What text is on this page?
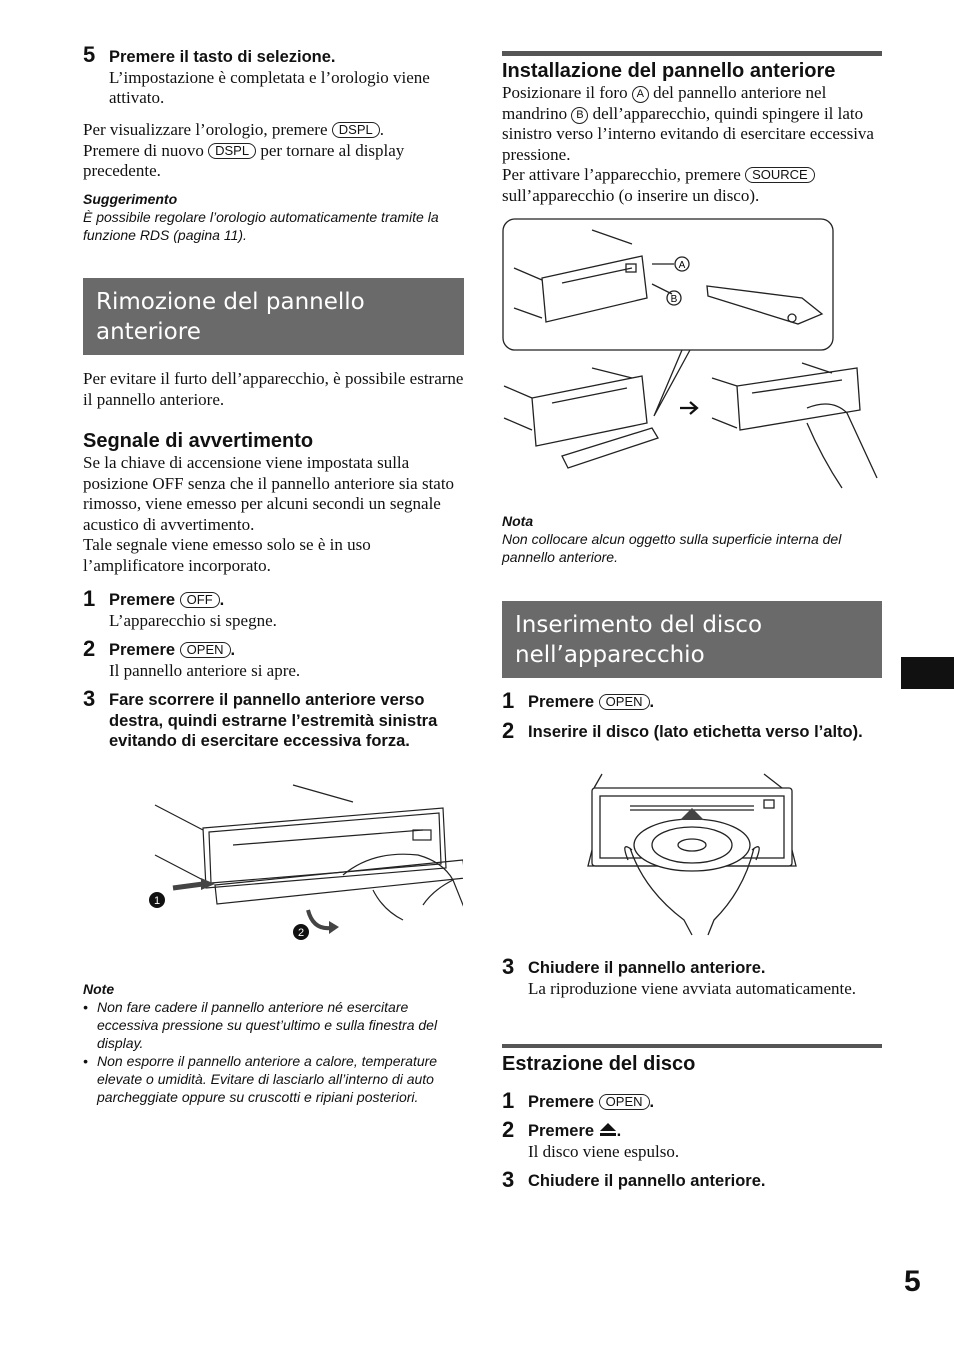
5 Premere il tasto di selezione.
L’impostazione è completata e l’orologio viene attivato.
Per visualizzare l’orologio, premere DSPL .
Premere di nuovo DSPL per tornare al display precedente.
Suggerimento
È possibile regolare l’orologio automaticamente tramite la funzione RDS (pagina 11).
Rimozione del pannello anteriore
Per evitare il furto dell’apparecchio, è possibile estrarne il pannello anteriore.
Segnale di avvertimento
Se la chiave di accensione viene impostata sulla posizione OFF senza che il pannello anteriore sia stato rimosso, viene emesso per alcuni secondi un segnale acustico di avvertimento.
Tale segnale viene emesso solo se è in uso l’amplificatore incorporato.
1 Premere OFF .
L’apparecchio si spegne.
2 Premere OPEN .
Il pannello anteriore si apre.
3 Fare scorrere il pannello anteriore verso destra, quindi estrarne l’estremità sinistra evitando di esercitare eccessiva forza.
1
2
Note
• Non fare cadere il pannello anteriore né esercitare eccessiva pressione su quest’ultimo e sulla finestra del display.
• Non esporre il pannello anteriore a calore, temperature elevate o umidità. Evitare di lasciarlo all’interno di auto parcheggiate oppure su cruscotti e ripiani posteriori.
Installazione del pannello anteriore
Posizionare il foro A del pannello anteriore nel mandrino B dell’apparecchio, quindi spingere il lato sinistro verso l’interno evitando di esercitare eccessiva pressione.
Per attivare l’apparecchio, premere SOURCE sull’apparecchio (o inserire un disco).
A
B
Nota
Non collocare alcun oggetto sulla superficie interna del pannello anteriore.
Inserimento del disco nell’apparecchio
1 Premere OPEN .
2 Inserire il disco (lato etichetta verso l’alto).
3 Chiudere il pannello anteriore.
La riproduzione viene avviata automaticamente.
Estrazione del disco
1 Premere OPEN .
2 Premere .
Il disco viene espulso.
3 Chiudere il pannello anteriore.
5
